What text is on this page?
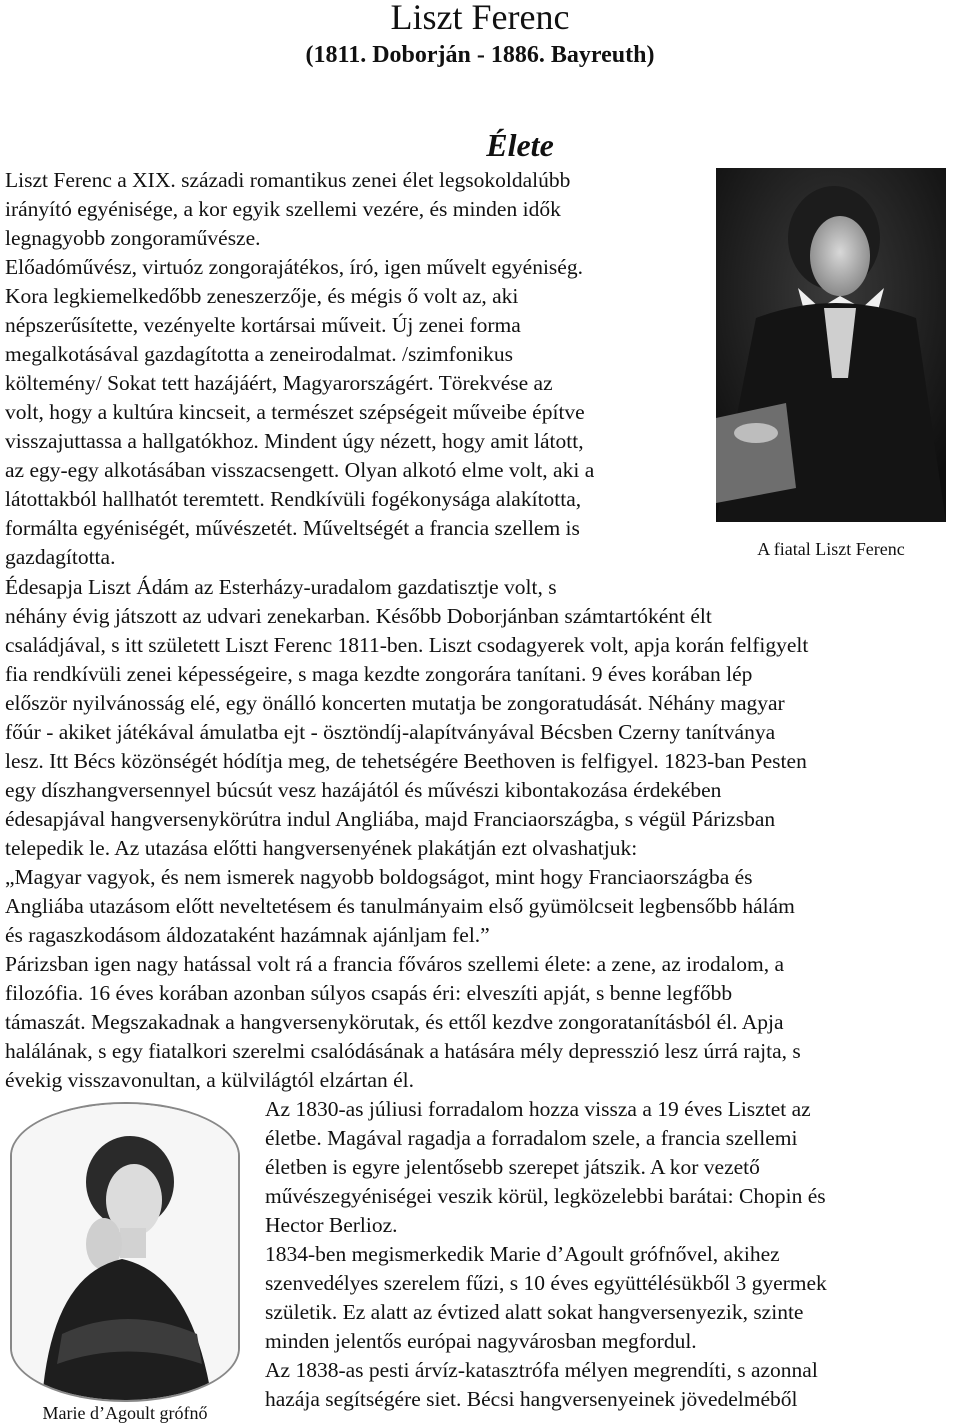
Liszt Ferenc
(1811. Doborján - 1886. Bayreuth)
Élete
A fiatal Liszt Ferenc
Marie d’Agoult grófnő
Liszt Ferenc a XIX. századi romantikus zenei élet legsokoldalúbb
irányító egyénisége, a kor egyik szellemi vezére, és minden idők
legnagyobb zongoraművésze.
Előadóművész, virtuóz zongorajátékos, író, igen művelt egyéniség.
Kora legkiemelkedőbb zeneszerzője, és mégis ő volt az, aki
népszerűsítette, vezényelte kortársai műveit. Új zenei forma
megalkotásával gazdagította a zeneirodalmat. /szimfonikus
költemény/ Sokat tett hazájáért, Magyarországért. Törekvése az
volt, hogy a kultúra kincseit, a természet szépségeit műveibe építve
visszajuttassa a hallgatókhoz. Mindent úgy nézett, hogy amit látott,
az egy-egy alkotásában visszacsengett. Olyan alkotó elme volt, aki a
látottakból hallhatót teremtett. Rendkívüli fogékonysága alakította,
formálta egyéniségét, művészetét. Műveltségét a francia szellem is
gazdagította.
Édesapja Liszt Ádám az Esterházy-uradalom gazdatisztje volt, s
néhány évig játszott az udvari zenekarban. Később Doborjánban számtartóként élt
családjával, s itt született Liszt Ferenc 1811-ben. Liszt csodagyerek volt, apja korán felfigyelt
fia rendkívüli zenei képességeire, s maga kezdte zongorára tanítani. 9 éves korában lép
először nyilvánosság elé, egy önálló koncerten mutatja be zongoratudását. Néhány magyar
főúr - akiket játékával ámulatba ejt - ösztöndíj-alapítványával Bécsben Czerny tanítványa
lesz. Itt Bécs közönségét hódítja meg, de tehetségére Beethoven is felfigyel. 1823-ban Pesten
egy díszhangversennyel búcsút vesz hazájától és művészi kibontakozása érdekében
édesapjával hangversenykörútra indul Angliába, majd Franciaországba, s végül Párizsban
telepedik le. Az utazása előtti hangversenyének plakátján ezt olvashatjuk:
„Magyar vagyok, és nem ismerek nagyobb boldogságot, mint hogy Franciaországba és
Angliába utazásom előtt neveltetésem és tanulmányaim első gyümölcseit legbensőbb hálám
és ragaszkodásom áldozataként hazámnak ajánljam fel.”
Párizsban igen nagy hatással volt rá a francia főváros szellemi élete: a zene, az irodalom, a
filozófia. 16 éves korában azonban súlyos csapás éri: elveszíti apját, s benne legfőbb
támaszát. Megszakadnak a hangversenykörutak, és ettől kezdve zongoratanításból él. Apja
halálának, s egy fiatalkori szerelmi csalódásának a hatására mély depresszió lesz úrrá rajta, s
évekig visszavonultan, a külvilágtól elzártan él.
Az 1830-as júliusi forradalom hozza vissza a 19 éves Lisztet az
életbe. Magával ragadja a forradalom szele, a francia szellemi
életben is egyre jelentősebb szerepet játszik. A kor vezető
művészegyéniségei veszik körül, legközelebbi barátai: Chopin és
Hector Berlioz.
1834-ben megismerkedik Marie d’Agoult grófnővel, akihez
szenvedélyes szerelem fűzi, s 10 éves együttélésükből 3 gyermek
születik. Ez alatt az évtized alatt sokat hangversenyezik, szinte
minden jelentős európai nagyvárosban megfordul.
Az 1838-as pesti árvíz-katasztrófa mélyen megrendíti, s azonnal
hazája segítségére siet. Bécsi hangversenyeinek jövedelméből
